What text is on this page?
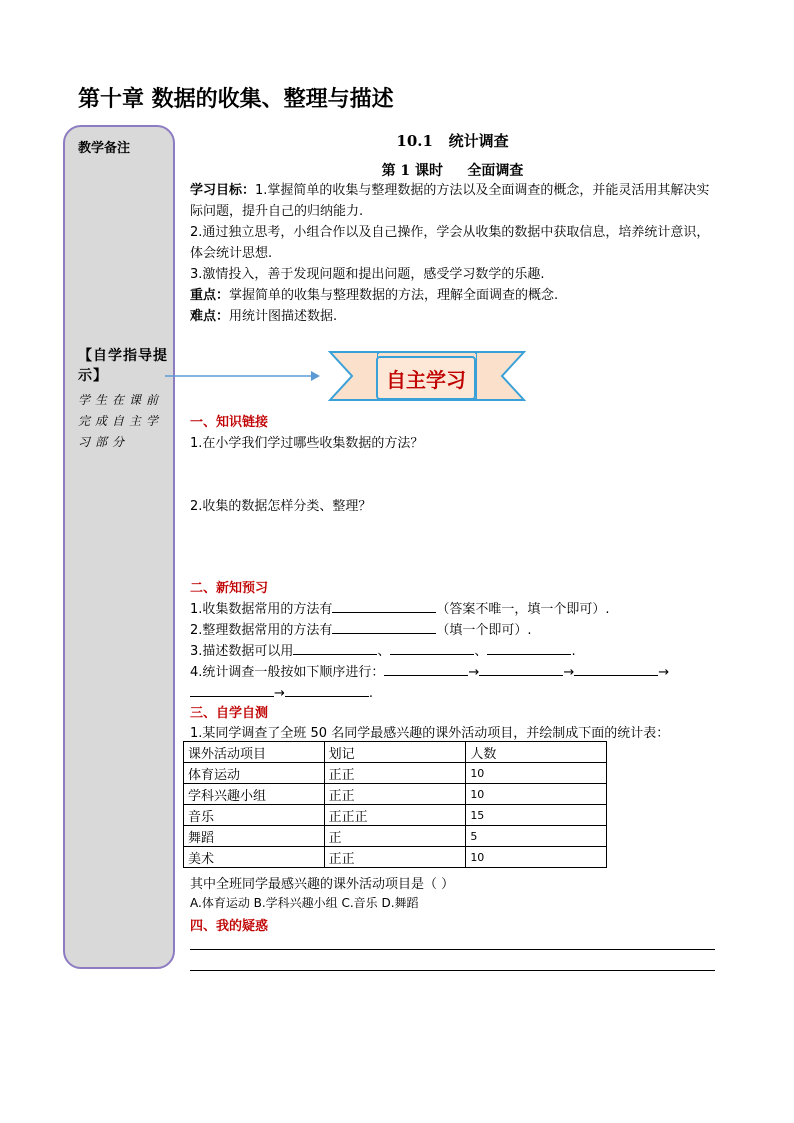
第十章 数据的收集、整理与描述
教学备注
【自学指导提示】
学生在课前完成自主学习部分
10.1   统计调查
第 1 课时     全面调查
学习目标：1.掌握简单的收集与整理数据的方法以及全面调查的概念，并能灵活用其解决实际问题，提升自己的归纳能力.
2.通过独立思考，小组合作以及自己操作，学会从收集的数据中获取信息，培养统计意识，体会统计思想.
3.激情投入，善于发现问题和提出问题，感受学习数学的乐趣.
重点：掌握简单的收集与整理数据的方法，理解全面调查的概念.
难点：用统计图描述数据.
自主学习
一、知识链接
1.在小学我们学过哪些收集数据的方法？
2.收集的数据怎样分类、整理？
二、新知预习
1.收集数据常用的方法有	（答案不唯一，填一个即可）.
2.整理数据常用的方法有	（填一个即可）.
3.描述数据可以用	、	、	.
4.统计调查一般按如下顺序进行：	→	→	→
→	.
三、自学自测
1.某同学调查了全班 50 名同学最感兴趣的课外活动项目，并绘制成下面的统计表：
课外活动项目	划记	人数
体育运动	正正	10
学科兴趣小组	正正	10
音乐	正正正	15
舞蹈	正	5
美术	正正	10
其中全班同学最感兴趣的课外活动项目是（ ）
A.体育运动 B.学科兴趣小组 C.音乐 D.舞蹈
四、我的疑惑
